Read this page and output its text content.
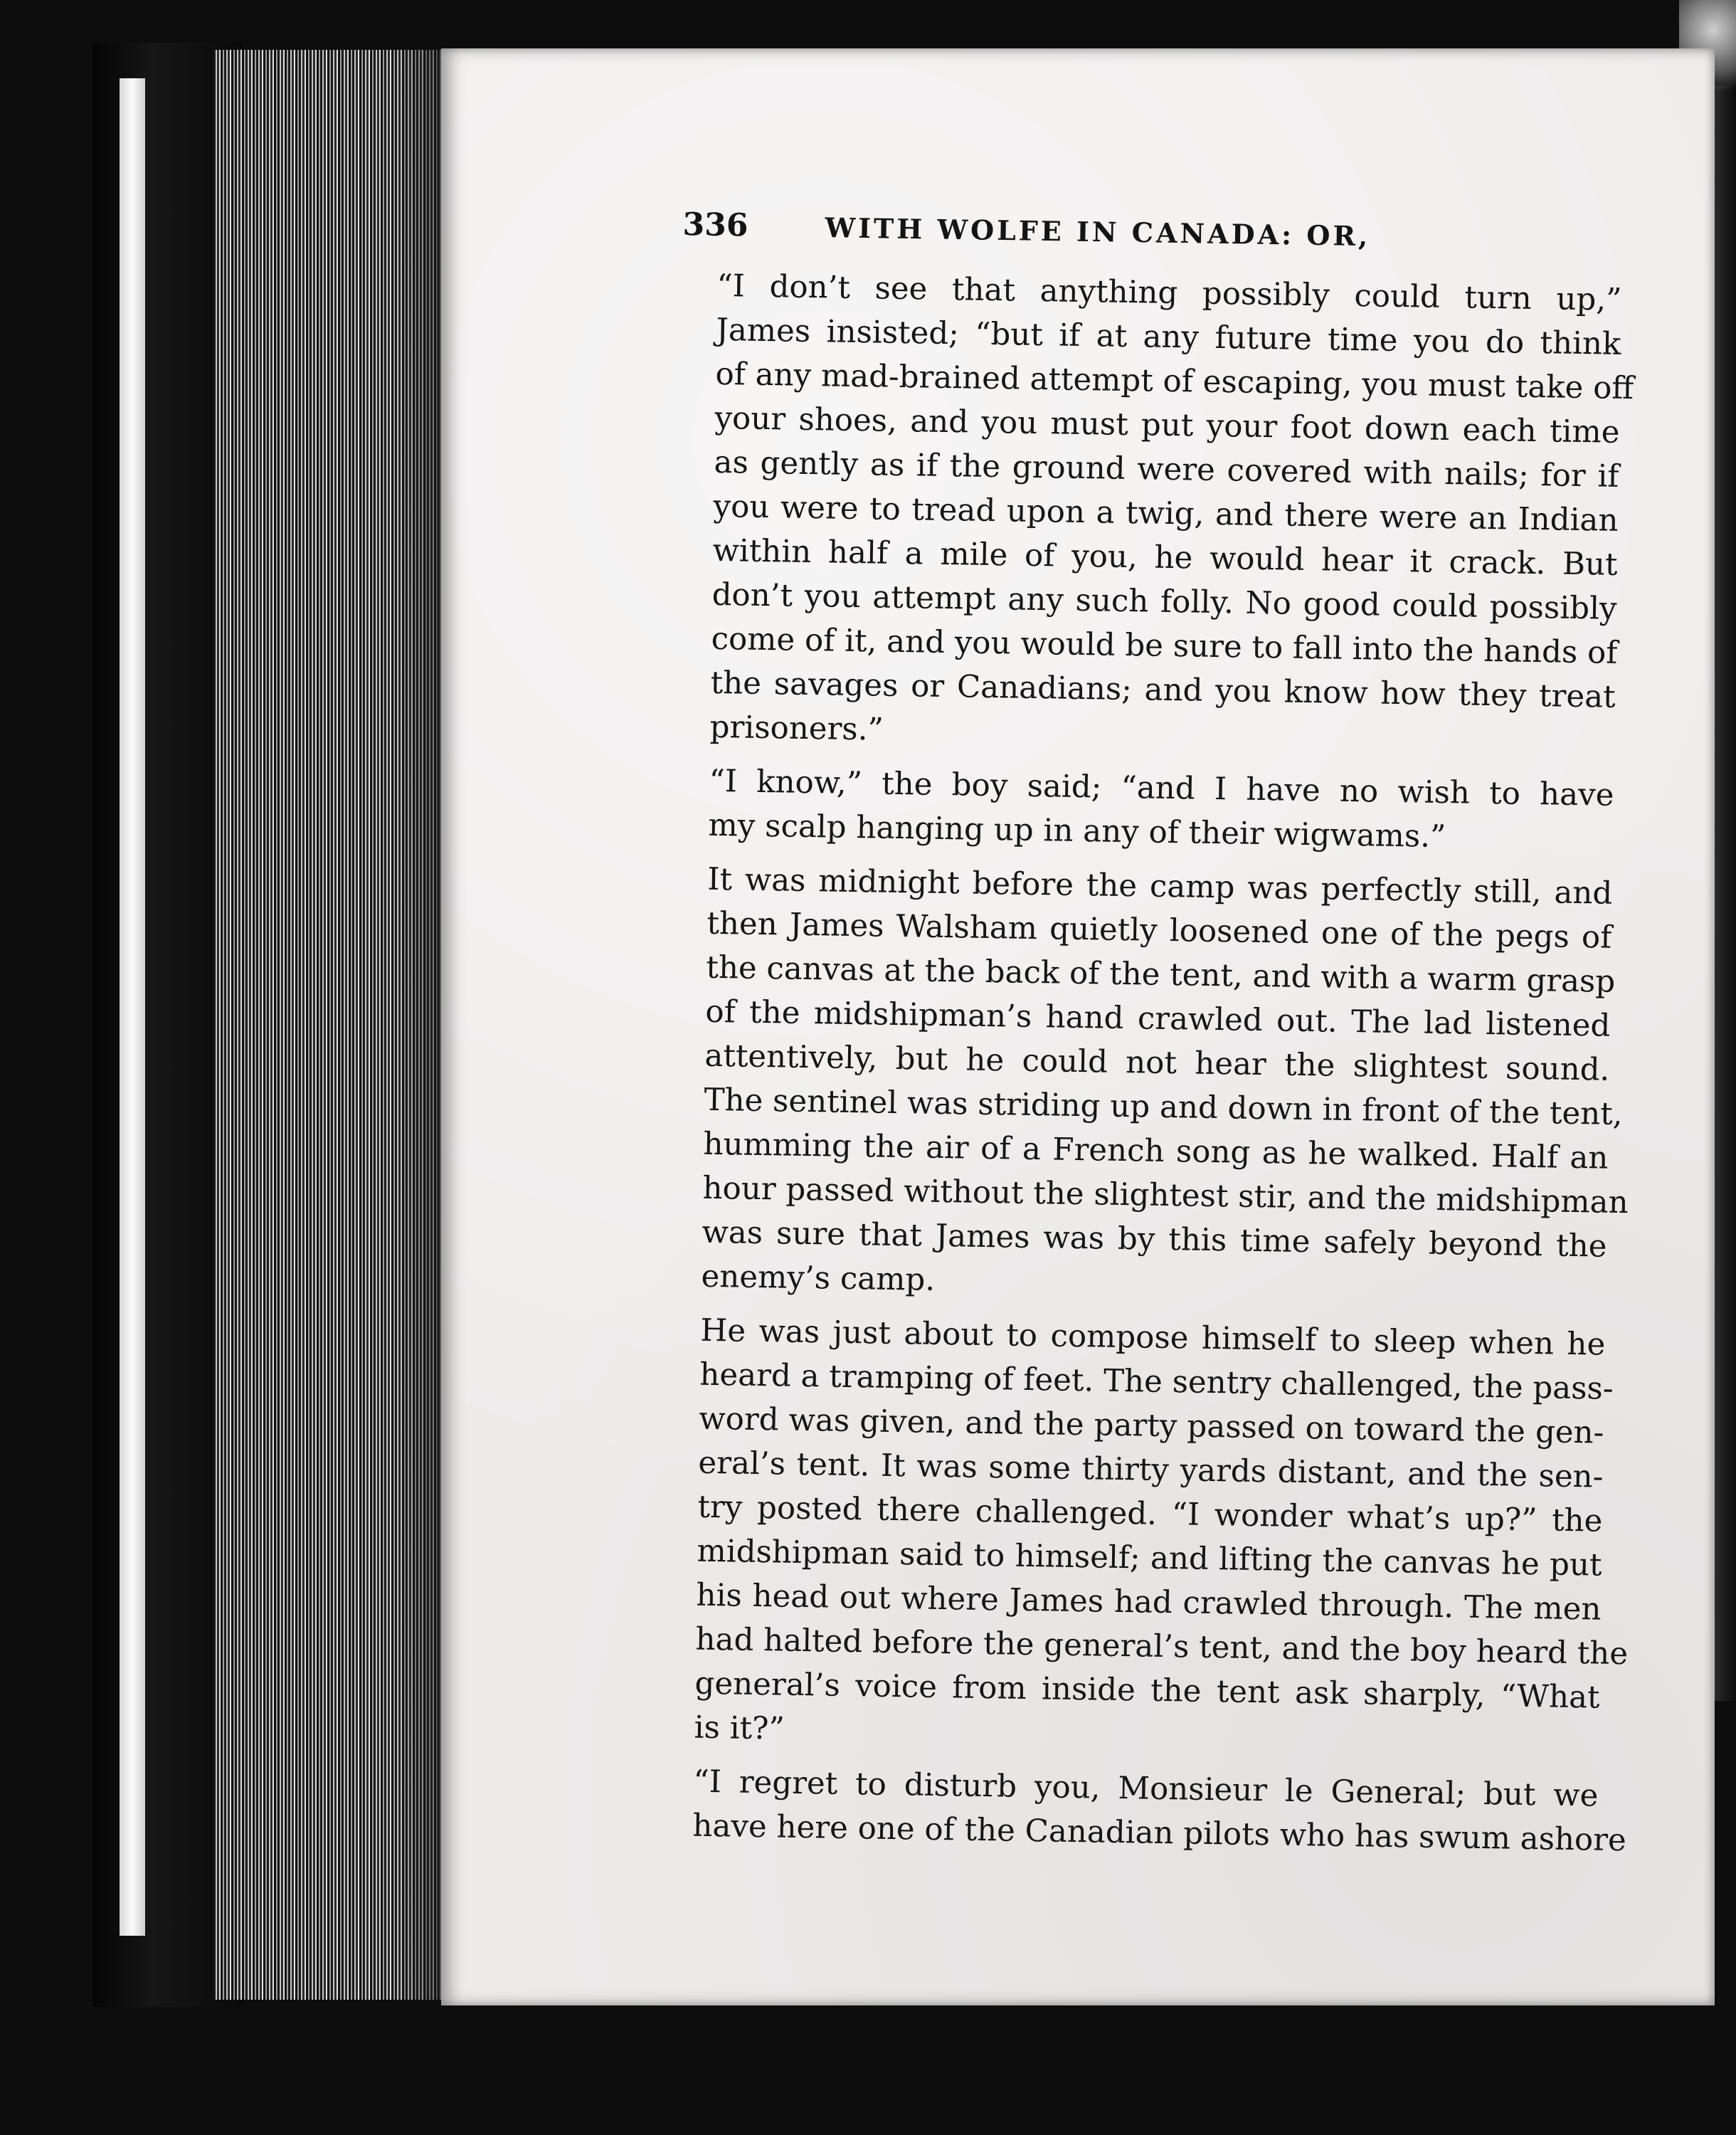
336	WITH WOLFE IN CANADA: OR,
“I don’t see that anything possibly could turn up,”
James insisted; “but if at any future time you do think
of any mad-brained attempt of escaping, you must take off
your shoes, and you must put your foot down each time
as gently as if the ground were covered with nails; for if
you were to tread upon a twig, and there were an Indian
within half a mile of you, he would hear it crack. But
don’t you attempt any such folly. No good could possibly
come of it, and you would be sure to fall into the hands of
the savages or Canadians; and you know how they treat
prisoners.”
“I know,” the boy said; “and I have no wish to have
my scalp hanging up in any of their wigwams.”
It was midnight before the camp was perfectly still, and
then James Walsham quietly loosened one of the pegs of
the canvas at the back of the tent, and with a warm grasp
of the midshipman’s hand crawled out. The lad listened
attentively, but he could not hear the slightest sound.
The sentinel was striding up and down in front of the tent,
humming the air of a French song as he walked. Half an
hour passed without the slightest stir, and the midshipman
was sure that James was by this time safely beyond the
enemy’s camp.
He was just about to compose himself to sleep when he
heard a tramping of feet. The sentry challenged, the pass-
word was given, and the party passed on toward the gen-
eral’s tent. It was some thirty yards distant, and the sen-
try posted there challenged. “I wonder what’s up?” the
midshipman said to himself; and lifting the canvas he put
his head out where James had crawled through. The men
had halted before the general’s tent, and the boy heard the
general’s voice from inside the tent ask sharply, “What
is it?”
“I regret to disturb you, Monsieur le General; but we
have here one of the Canadian pilots who has swum ashore
